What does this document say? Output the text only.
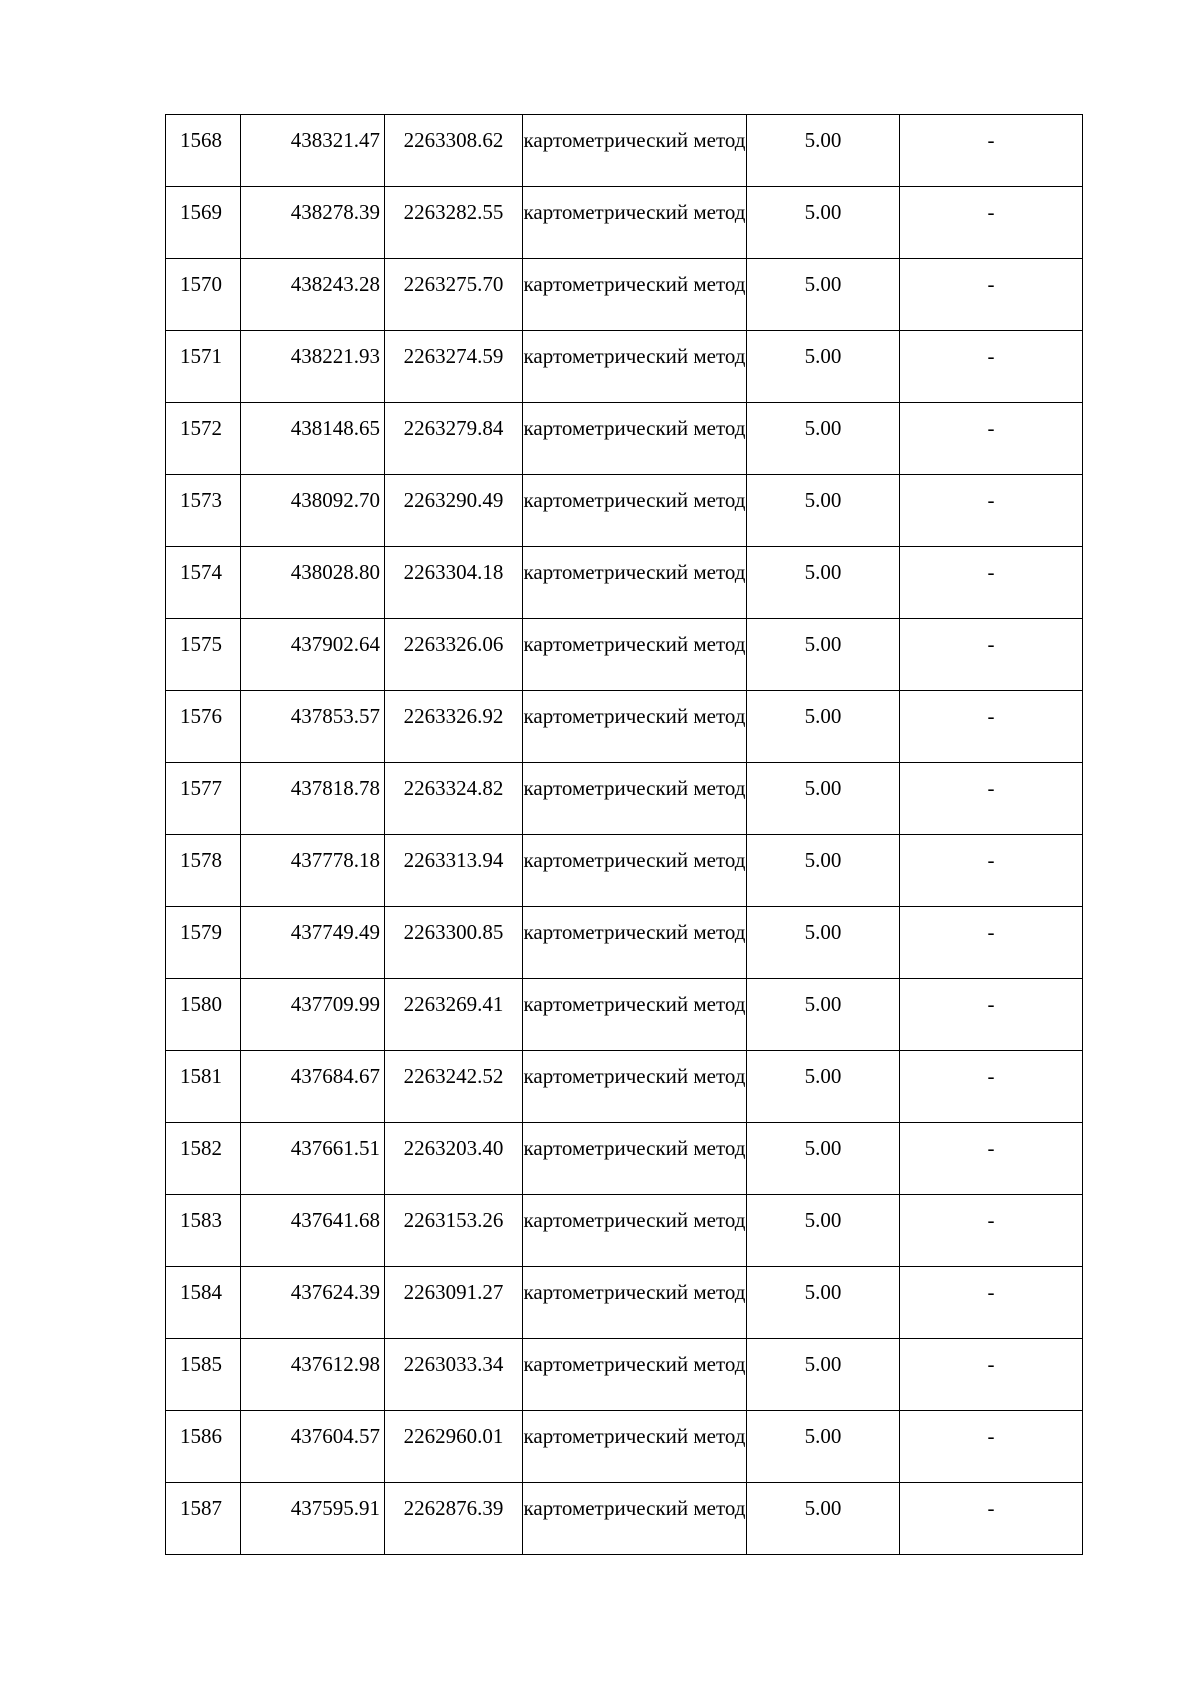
1568	438321.47	2263308.62	картометрический метод	5.00	-
1569	438278.39	2263282.55	картометрический метод	5.00	-
1570	438243.28	2263275.70	картометрический метод	5.00	-
1571	438221.93	2263274.59	картометрический метод	5.00	-
1572	438148.65	2263279.84	картометрический метод	5.00	-
1573	438092.70	2263290.49	картометрический метод	5.00	-
1574	438028.80	2263304.18	картометрический метод	5.00	-
1575	437902.64	2263326.06	картометрический метод	5.00	-
1576	437853.57	2263326.92	картометрический метод	5.00	-
1577	437818.78	2263324.82	картометрический метод	5.00	-
1578	437778.18	2263313.94	картометрический метод	5.00	-
1579	437749.49	2263300.85	картометрический метод	5.00	-
1580	437709.99	2263269.41	картометрический метод	5.00	-
1581	437684.67	2263242.52	картометрический метод	5.00	-
1582	437661.51	2263203.40	картометрический метод	5.00	-
1583	437641.68	2263153.26	картометрический метод	5.00	-
1584	437624.39	2263091.27	картометрический метод	5.00	-
1585	437612.98	2263033.34	картометрический метод	5.00	-
1586	437604.57	2262960.01	картометрический метод	5.00	-
1587	437595.91	2262876.39	картометрический метод	5.00	-
